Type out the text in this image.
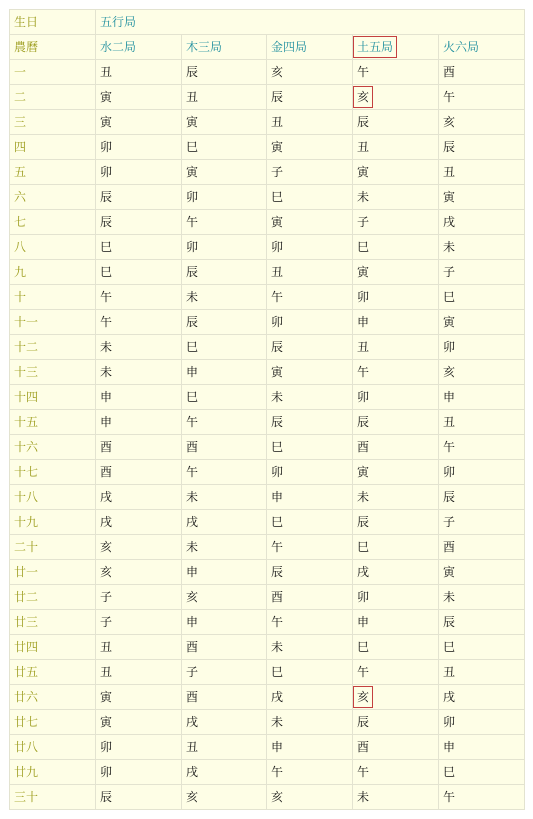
生日	五行局				
農曆	水二局	木三局	金四局	土五局	火六局
一	丑	辰	亥	午	酉
二	寅	丑	辰	亥	午
三	寅	寅	丑	辰	亥
四	卯	巳	寅	丑	辰
五	卯	寅	子	寅	丑
六	辰	卯	巳	未	寅
七	辰	午	寅	子	戌
八	巳	卯	卯	巳	未
九	巳	辰	丑	寅	子
十	午	未	午	卯	巳
十一	午	辰	卯	申	寅
十二	未	巳	辰	丑	卯
十三	未	申	寅	午	亥
十四	申	巳	未	卯	申
十五	申	午	辰	辰	丑
十六	酉	酉	巳	酉	午
十七	酉	午	卯	寅	卯
十八	戌	未	申	未	辰
十九	戌	戌	巳	辰	子
二十	亥	未	午	巳	酉
廿一	亥	申	辰	戌	寅
廿二	子	亥	酉	卯	未
廿三	子	申	午	申	辰
廿四	丑	酉	未	巳	巳
廿五	丑	子	巳	午	丑
廿六	寅	酉	戌	亥	戌
廿七	寅	戌	未	辰	卯
廿八	卯	丑	申	酉	申
廿九	卯	戌	午	午	巳
三十	辰	亥	亥	未	午
